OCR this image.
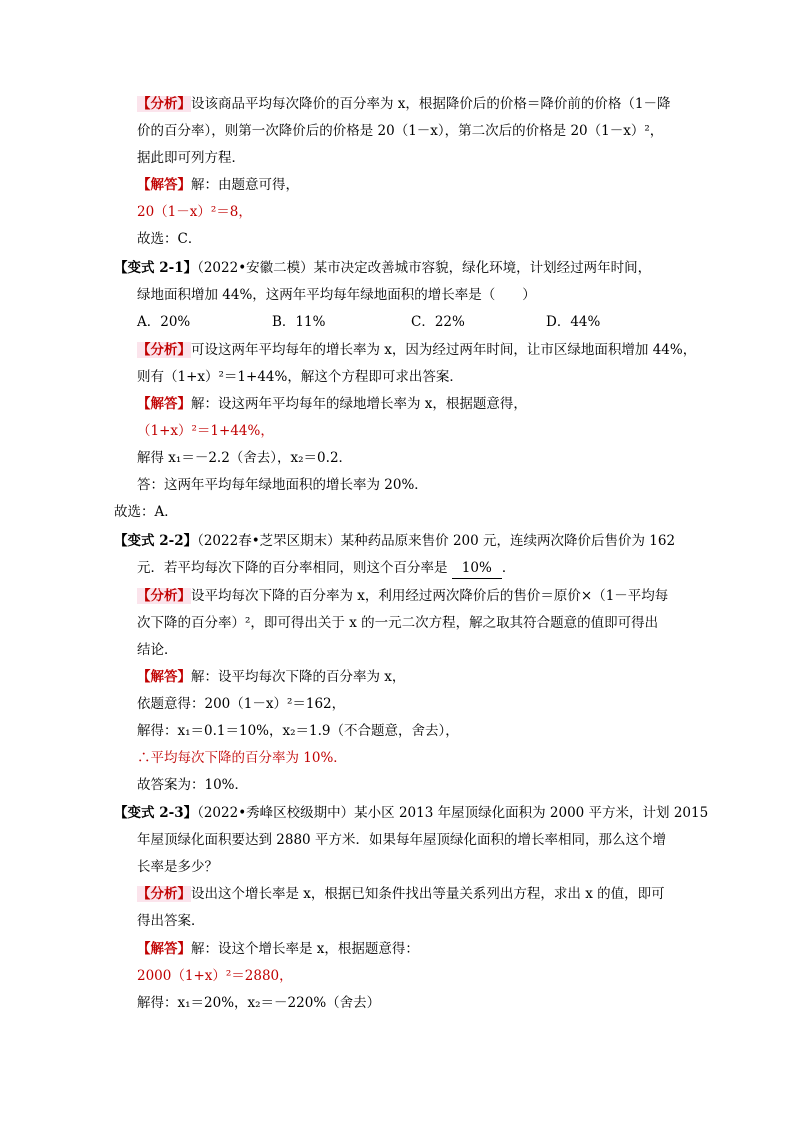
【分析】设该商品平均每次降价的百分率为 x，根据降价后的价格＝降价前的价格（1－降
价的百分率），则第一次降价后的价格是 20（1－x），第二次后的价格是 20（1－x）²，
据此即可列方程．
【解答】解：由题意可得，
20（1－x）²＝8，
故选：C．
【变式 2-1】（2022•安徽二模）某市决定改善城市容貌，绿化环境，计划经过两年时间，
绿地面积增加 44%，这两年平均每年绿地面积的增长率是（　　）
A．20%	B．11%	C．22%	D．44%
【分析】可设这两年平均每年的增长率为 x，因为经过两年时间，让市区绿地面积增加 44%，
则有（1+x）²＝1+44%，解这个方程即可求出答案．
【解答】解：设这两年平均每年的绿地增长率为 x，根据题意得，
（1+x）²＝1+44%，
解得 x₁＝－2.2（舍去），x₂＝0.2．
答：这两年平均每年绿地面积的增长率为 20%．
故选：A．
【变式 2-2】（2022春•芝罘区期末）某种药品原来售价 200 元，连续两次降价后售价为 162
元．若平均每次下降的百分率相同，则这个百分率是 10% ．
【分析】设平均每次下降的百分率为 x，利用经过两次降价后的售价＝原价×（1－平均每
次下降的百分率）²，即可得出关于 x 的一元二次方程，解之取其符合题意的值即可得出
结论．
【解答】解：设平均每次下降的百分率为 x，
依题意得：200（1－x）²＝162，
解得：x₁＝0.1＝10%，x₂＝1.9（不合题意，舍去），
∴平均每次下降的百分率为 10%．
故答案为：10%．
【变式 2-3】（2022•秀峰区校级期中）某小区 2013 年屋顶绿化面积为 2000 平方米，计划 2015
年屋顶绿化面积要达到 2880 平方米．如果每年屋顶绿化面积的增长率相同，那么这个增
长率是多少？
【分析】设出这个增长率是 x，根据已知条件找出等量关系列出方程，求出 x 的值，即可
得出答案．
【解答】解：设这个增长率是 x，根据题意得：
2000（1+x）²＝2880，
解得：x₁＝20%，x₂＝－220%（舍去）
